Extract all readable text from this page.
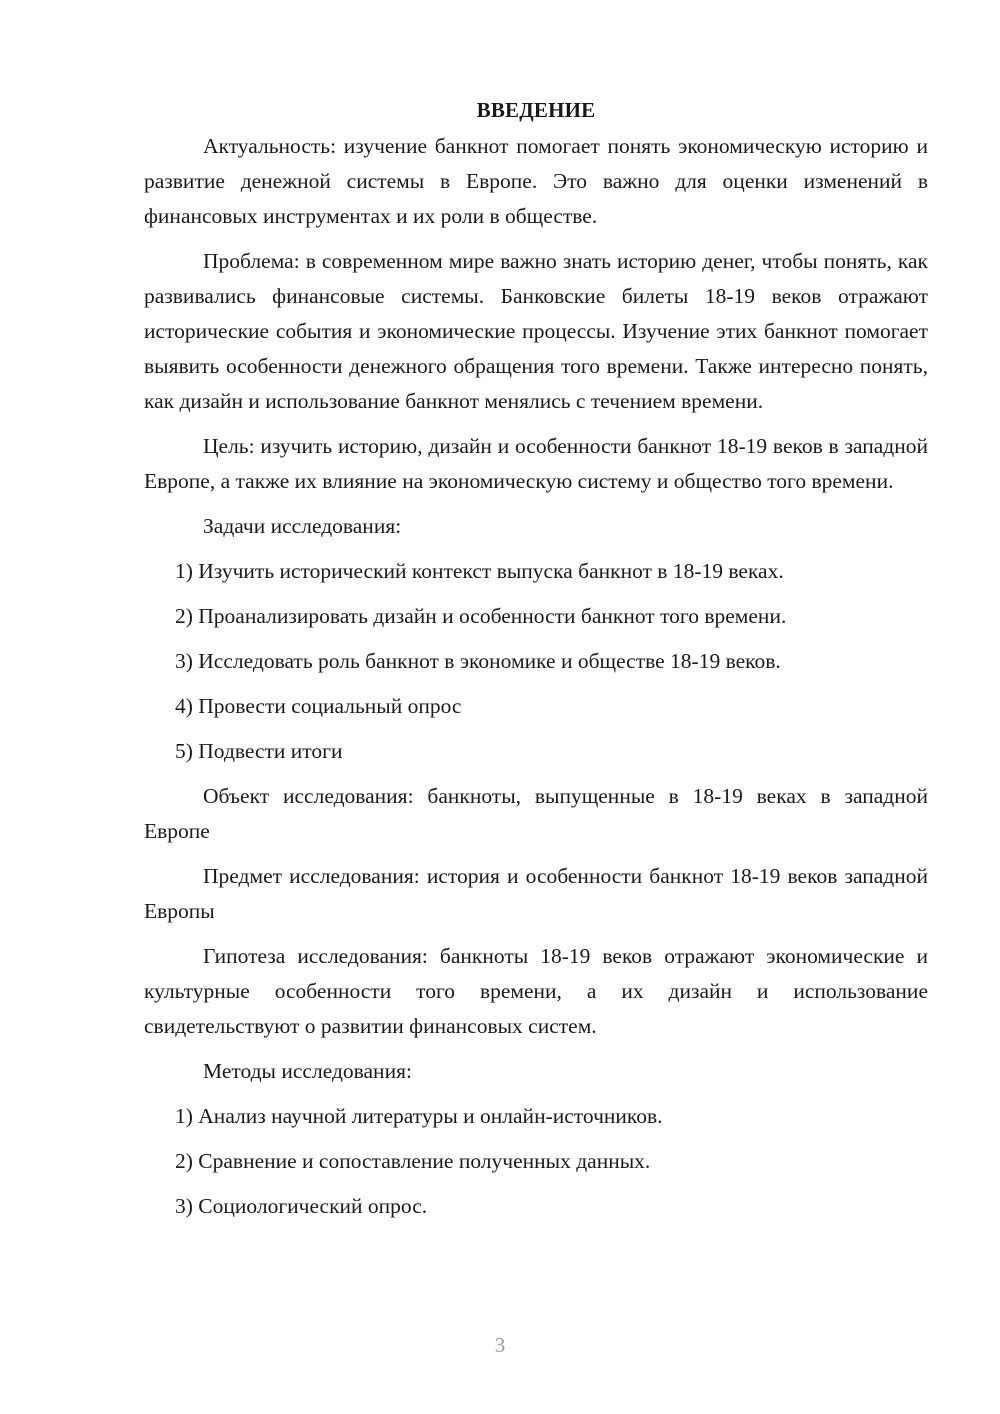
ВВЕДЕНИЕ

Актуальность: изучение банкнот помогает понять экономическую историю и развитие денежной системы в Европе. Это важно для оценки изменений в финансовых инструментах и их роли в обществе.

Проблема: в современном мире важно знать историю денег, чтобы понять, как развивались финансовые системы. Банковские билеты 18-19 веков отражают исторические события и экономические процессы. Изучение этих банкнот помогает выявить особенности денежного обращения того времени. Также интересно понять, как дизайн и использование банкнот менялись с течением времени.

Цель: изучить историю, дизайн и особенности банкнот 18-19 веков в западной Европе, а также их влияние на экономическую систему и общество того времени.

Задачи исследования:

1) Изучить исторический контекст выпуска банкнот в 18-19 веках.

2) Проанализировать дизайн и особенности банкнот того времени.

3) Исследовать роль банкнот в экономике и обществе 18-19 веков.

4) Провести социальный опрос

5) Подвести итоги

Объект исследования: банкноты, выпущенные в 18-19 веках в западной Европе

Предмет исследования: история и особенности банкнот 18-19 веков западной Европы

Гипотеза исследования: банкноты 18-19 веков отражают экономические и культурные особенности того времени, а их дизайн и использование свидетельствуют о развитии финансовых систем.

Методы исследования:

1) Анализ научной литературы и онлайн-источников.

2) Сравнение и сопоставление полученных данных.

3) Социологический опрос.

3
